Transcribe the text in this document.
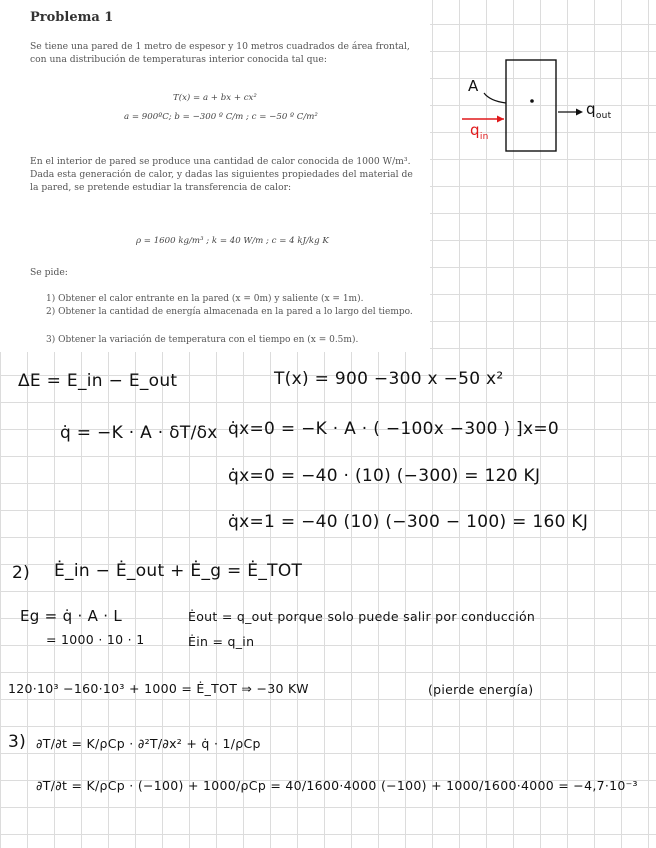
Problema 1
Se tiene una pared de 1 metro de espesor y 10 metros cuadrados de área frontal, con una distribución de temperaturas interior conocida tal que:
T(x) = a + bx + cx²
a = 900ºC; b = −300 º C/m ; c = −50 º C/m²
En el interior de pared se produce una cantidad de calor conocida de 1000 W/m³. Dada esta generación de calor, y dadas las siguientes propiedades del material de la pared, se pretende estudiar la transferencia de calor:
ρ = 1600 kg/m³ ; k = 40 W/m ; c = 4 kJ/kg K
Se pide:
1) Obtener el calor entrante en la pared (x = 0m) y saliente (x = 1m).
2) Obtener la cantidad de energía almacenada en la pared a lo largo del tiempo.
3) Obtener la variación de temperatura con el tiempo en (x = 0.5m).
A
$q_{in}$
$q_{out}$
ΔE = E_in − E_out	T(x) = 900 −300 x −50 x²
q̇ = −K · A · δT/δx q̇x=0 = −K · A · ( −100x −300 ) ]x=0
q̇x=0 = −40 · (10) (−300) = 120 KJ
q̇x=1 = −40 (10) (−300 − 100) = 160 KJ
2) Ė_in − Ė_out + Ė_g = Ė_TOT
Eg = q̇ · A · L
= 1000 · 10 · 1
Ėout = q_out porque solo puede salir por conducción
Ėin = q_in
120·10³ −160·10³ + 1000 = Ė_TOT ⇒ −30 KW	(pierde energía)
3) ∂T/∂t = K/ρCp · ∂²T/∂x² + q̇ · 1/ρCp
∂T/∂t = K/ρCp · (−100) + 1000/ρCp = 40/1600·4000 (−100) + 1000/1600·4000 = −4,7·10⁻³
